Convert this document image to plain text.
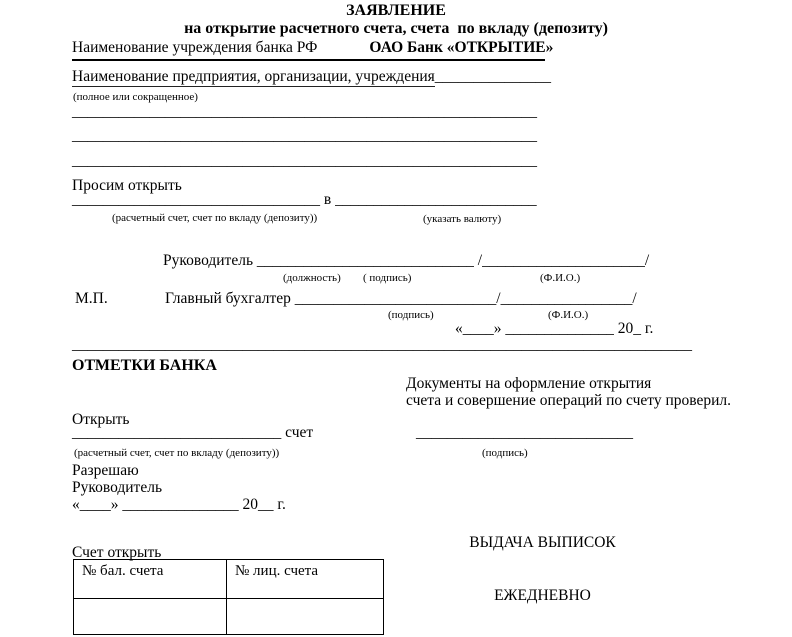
ЗАЯВЛЕНИЕ
на открытие расчетного счета, счета  по вкладу (депозиту)
Наименование учреждения банка РФ	ОАО Банк «ОТКРЫТИЕ»
Наименование предприятия, организации, учреждения_______________
(полное или сокращенное)
____________________________________________________________
____________________________________________________________
____________________________________________________________
Просим открыть
________________________________ в __________________________
(расчетный счет, счет по вкладу (депозиту))	(указать валюту)
Руководитель ____________________________ /_____________________/
(должность) ( подпись)	(Ф.И.О.)
М.П.	Главный бухгалтер __________________________/_________________/
(подпись)	(Ф.И.О.)
«____» ______________ 20_ г.
________________________________________________________________________________
ОТМЕТКИ БАНКА
Документы на оформление открытия
счета и совершение операций по счету проверил.
Открыть
___________________________ счет	____________________________
(расчетный счет, счет по вкладу (депозиту))	(подпись)
Разрешаю
Руководитель
«____» _______________ 20__ г.

ВЫДАЧА ВЫПИСОК

ЕЖЕДНЕВНО

Счет открыть
№ бал. счета	№ лиц. счета
